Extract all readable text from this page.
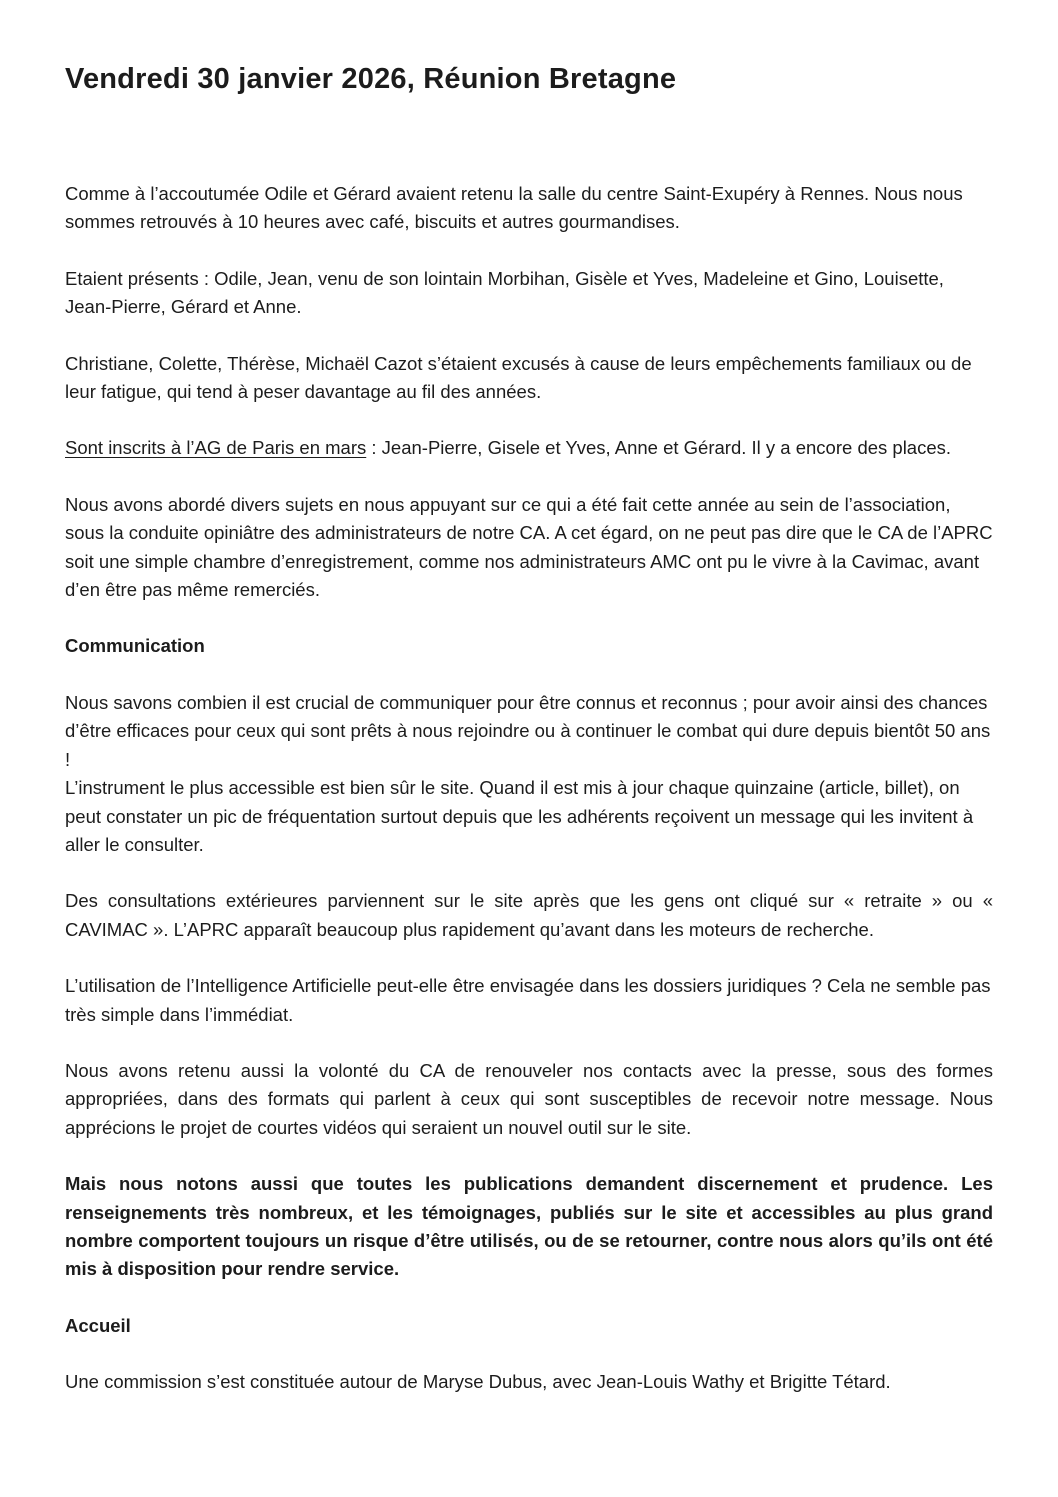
Vendredi 30 janvier 2026, Réunion Bretagne

Comme à l’accoutumée Odile et Gérard avaient retenu la salle du centre Saint-Exupéry à Rennes. Nous nous sommes retrouvés à 10 heures avec café, biscuits et autres gourmandises.

Etaient présents : Odile, Jean, venu de son lointain Morbihan, Gisèle et Yves, Madeleine et Gino, Louisette, Jean-Pierre, Gérard et Anne.

Christiane, Colette, Thérèse, Michaël Cazot s’étaient excusés à cause de leurs empêchements familiaux ou de leur fatigue, qui tend à peser davantage au fil des années.

Sont inscrits à l’AG de Paris en mars : Jean-Pierre, Gisele et Yves, Anne et Gérard. Il y a encore des places.

Nous avons abordé divers sujets en nous appuyant sur ce qui a été fait cette année au sein de l’association, sous la conduite opiniâtre des administrateurs de notre CA. A cet égard, on ne peut pas dire que le CA de l’APRC soit une simple chambre d’enregistrement, comme nos administrateurs AMC ont pu le vivre à la Cavimac, avant d’en être pas même remerciés.

Communication

Nous savons combien il est crucial de communiquer pour être connus et reconnus ; pour avoir ainsi des chances d’être efficaces pour ceux qui sont prêts à nous rejoindre ou à continuer le combat qui dure depuis bientôt 50 ans !
L’instrument le plus accessible est bien sûr le site. Quand il est mis à jour chaque quinzaine (article, billet), on peut constater un pic de fréquentation surtout depuis que les adhérents reçoivent un message qui les invitent à aller le consulter.

Des consultations extérieures parviennent sur le site après que les gens ont cliqué sur « retraite » ou « CAVIMAC ». L’APRC apparaît beaucoup plus rapidement qu’avant dans les moteurs de recherche.

L’utilisation de l’Intelligence Artificielle peut-elle être envisagée dans les dossiers juridiques ? Cela ne semble pas très simple dans l’immédiat.

Nous avons retenu aussi la volonté du CA de renouveler nos contacts avec la presse, sous des formes appropriées, dans des formats qui parlent à ceux qui sont susceptibles de recevoir notre message. Nous apprécions le projet de courtes vidéos qui seraient un nouvel outil sur le site.

Mais nous notons aussi que toutes les publications demandent discernement et prudence. Les renseignements très nombreux, et les témoignages, publiés sur le site et accessibles au plus grand nombre comportent toujours un risque d’être utilisés, ou de se retourner, contre nous alors qu’ils ont été mis à disposition pour rendre service.

Accueil

Une commission s’est constituée autour de Maryse Dubus, avec Jean-Louis Wathy et Brigitte Tétard.
